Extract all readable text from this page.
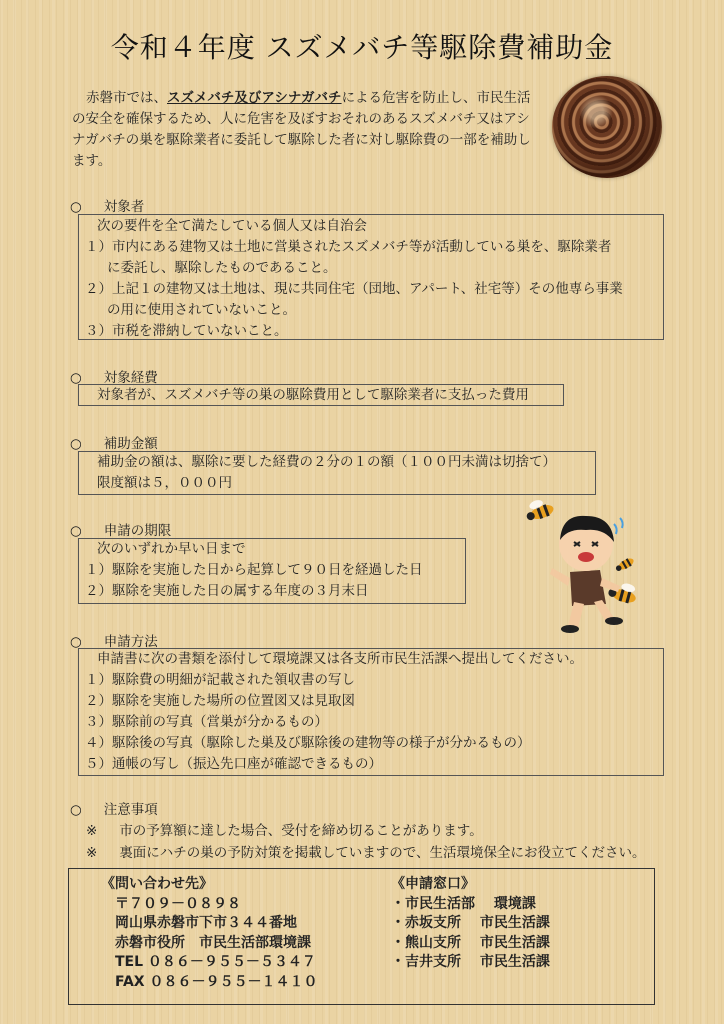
令和４年度 スズメバチ等駆除費補助金

赤磐市では、スズメバチ及びアシナガバチによる危害を防止し、市民生活の安全を確保するため、人に危害を及ぼすおそれのあるスズメバチ又はアシナガバチの巣を駆除業者に委託して駆除した者に対し駆除費の一部を補助します。

○ 対象者

次の要件を全て満たしている個人又は自治会

１）市内にある建物又は土地に営巣されたスズメバチ等が活動している巣を、駆除業者

に委託し、駆除したものであること。

２）上記１の建物又は土地は、現に共同住宅（団地、アパート、社宅等）その他専ら事業

の用に使用されていないこと。

３）市税を滞納していないこと。

○ 対象経費

対象者が、スズメバチ等の巣の駆除費用として駆除業者に支払った費用

○ 補助金額

補助金の額は、駆除に要した経費の２分の１の額（１００円未満は切捨て）

限度額は５，０００円

○ 申請の期限

次のいずれか早い日まで

１）駆除を実施した日から起算して９０日を経過した日

２）駆除を実施した日の属する年度の３月末日

○ 申請方法

申請書に次の書類を添付して環境課又は各支所市民生活課へ提出してください。

１）駆除費の明細が記載された領収書の写し

２）駆除を実施した場所の位置図又は見取図

３）駆除前の写真（営巣が分かるもの）

４）駆除後の写真（駆除した巣及び駆除後の建物等の様子が分かるもの）

５）通帳の写し（振込先口座が確認できるもの）

○ 注意事項

※ 市の予算額に達した場合、受付を締め切ることがあります。

※ 裏面にハチの巣の予防対策を掲載していますので、生活環境保全にお役立てください。

《問い合わせ先》

〒７０９－０８９８

岡山県赤磐市下市３４４番地

赤磐市役所　市民生活部環境課

TEL ０８６－９５５－５３４７

FAX ０８６－９５５－１４１０

《申請窓口》

・市民生活部　 環境課

・赤坂支所　 市民生活課

・熊山支所　 市民生活課

・吉井支所　 市民生活課
